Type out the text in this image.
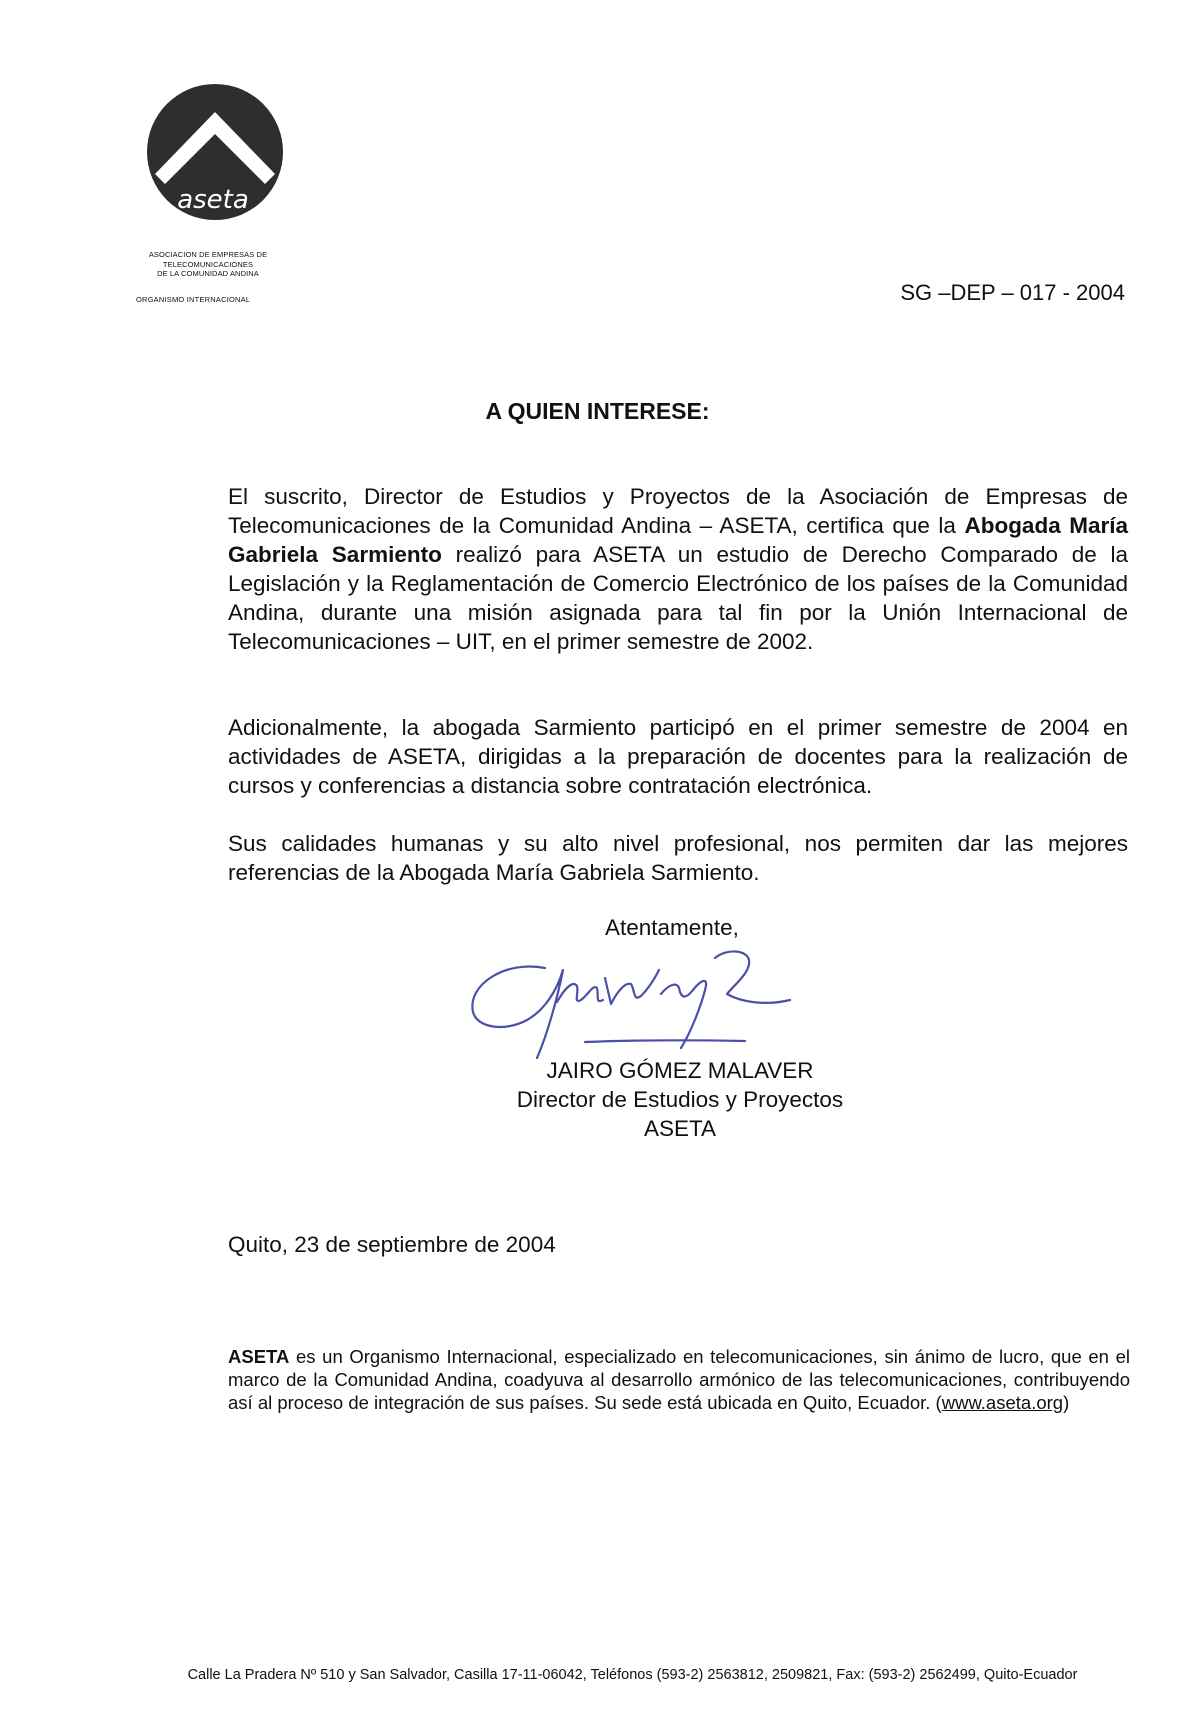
aseta
ASOCIACION DE EMPRESAS DE
TELECOMUNICACIONES
DE LA COMUNIDAD ANDINA
ORGANISMO INTERNACIONAL	SG –DEP – 017 - 2004
A QUIEN INTERESE:
El suscrito, Director de Estudios y Proyectos de la Asociación de Empresas de Telecomunicaciones de la Comunidad Andina – ASETA, certifica que la Abogada María Gabriela Sarmiento realizó para ASETA un estudio de Derecho Comparado de la Legislación y la Reglamentación de Comercio Electrónico de los países de la Comunidad Andina, durante una misión asignada para tal fin por la Unión Internacional de Telecomunicaciones – UIT, en el primer semestre de 2002.
Adicionalmente, la abogada Sarmiento participó en el primer semestre de 2004 en actividades de ASETA, dirigidas a la preparación de docentes para la realización de cursos y conferencias a distancia sobre contratación electrónica.
Sus calidades humanas y su alto nivel profesional, nos permiten dar las mejores referencias de la Abogada María Gabriela Sarmiento.
Atentamente,
JAIRO GÓMEZ MALAVER
Director de Estudios y Proyectos
ASETA
Quito, 23 de septiembre de 2004
ASETA es un Organismo Internacional, especializado en telecomunicaciones, sin ánimo de lucro, que en el marco de la Comunidad Andina, coadyuva al desarrollo armónico de las telecomunicaciones, contribuyendo así al proceso de integración de sus países. Su sede está ubicada en Quito, Ecuador. (www.aseta.org)
Calle La Pradera Nº 510 y San Salvador, Casilla 17-11-06042, Teléfonos (593-2) 2563812, 2509821, Fax: (593-2) 2562499, Quito-Ecuador
